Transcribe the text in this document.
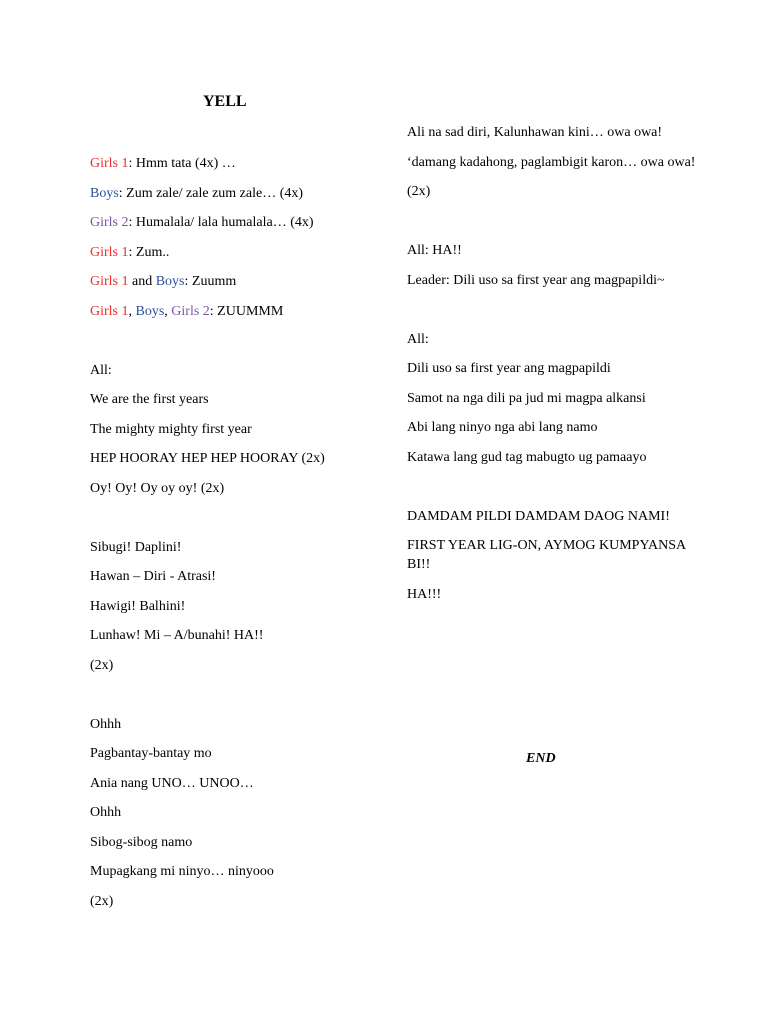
YELL

Girls 1: Hmm tata (4x) …

Boys: Zum zale/ zale zum zale… (4x)

Girls 2: Humalala/ lala humalala… (4x)

Girls 1: Zum..

Girls 1 and Boys: Zuumm

Girls 1, Boys, Girls 2: ZUUMMM

All:

We are the first years

The mighty mighty first year

HEP HOORAY HEP HEP HOORAY (2x)

Oy! Oy! Oy oy oy! (2x)

Sibugi! Daplini!

Hawan – Diri - Atrasi!

Hawigi! Balhini!

Lunhaw! Mi – A/bunahi! HA!!

(2x)

Ohhh

Pagbantay-bantay mo

Ania nang UNO… UNOO…

Ohhh

Sibog-sibog namo

Mupagkang mi ninyo… ninyooo

(2x)

Ali na sad diri, Kalunhawan kini… owa owa!

‘damang kadahong, paglambigit karon… owa owa!

(2x)

All: HA!!

Leader: Dili uso sa first year ang magpapildi~

All:

Dili uso sa first year ang magpapildi

Samot na nga dili pa jud mi magpa alkansi

Abi lang ninyo nga abi lang namo

Katawa lang gud tag mabugto ug pamaayo

DAMDAM PILDI DAMDAM DAOG NAMI!

FIRST YEAR LIG-ON, AYMOG KUMPYANSA BI!!

HA!!!

END
